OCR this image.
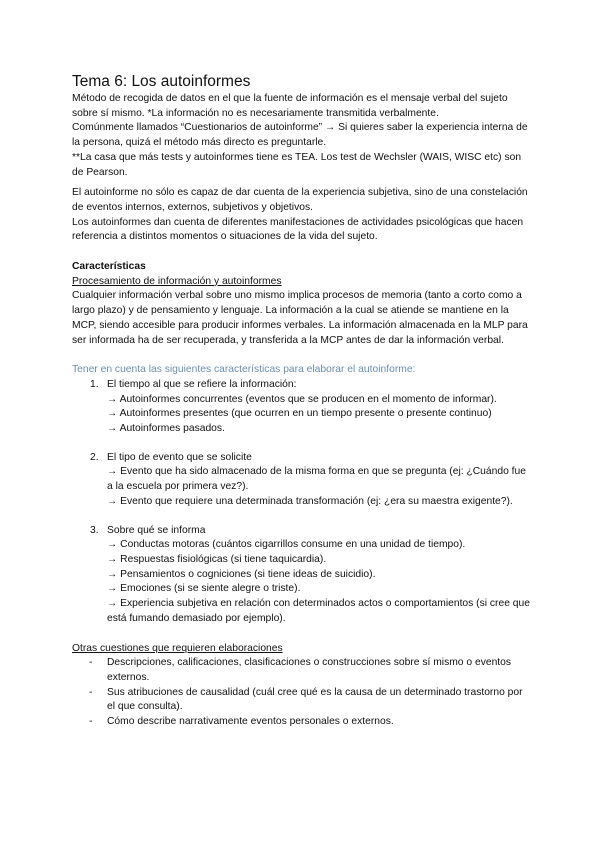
Tema 6: Los autoinformes

Método de recogida de datos en el que la fuente de información es el mensaje verbal del sujeto sobre sí mismo. *La información no es necesariamente transmitida verbalmente.

Comúnmente llamados “Cuestionarios de autoinforme” → Si quieres saber la experiencia interna de la persona, quizá el método más directo es preguntarle.

**La casa que más tests y autoinformes tiene es TEA. Los test de Wechsler (WAIS, WISC etc) son de Pearson.

El autoinforme no sólo es capaz de dar cuenta de la experiencia subjetiva, sino de una constelación de eventos internos, externos, subjetivos y objetivos.

Los autoinformes dan cuenta de diferentes manifestaciones de actividades psicológicas que hacen referencia a distintos momentos o situaciones de la vida del sujeto.

Características

Procesamiento de información y autoinformes

Cualquier información verbal sobre uno mismo implica procesos de memoria (tanto a corto como a largo plazo) y de pensamiento y lenguaje. La información a la cual se atiende se mantiene en la MCP, siendo accesible para producir informes verbales. La información almacenada en la MLP para ser informada ha de ser recuperada, y transferida a la MCP antes de dar la información verbal.

Tener en cuenta las siguientes características para elaborar el autoinforme:

1. El tiempo al que se refiere la información:
→ Autoinformes concurrentes (eventos que se producen en el momento de informar).
→ Autoinformes presentes (que ocurren en un tiempo presente o presente continuo)
→ Autoinformes pasados.
2. El tipo de evento que se solicite
→ Evento que ha sido almacenado de la misma forma en que se pregunta (ej: ¿Cuándo fue a la escuela por primera vez?).
→ Evento que requiere una determinada transformación (ej: ¿era su maestra exigente?).
3. Sobre qué se informa
→ Conductas motoras (cuántos cigarrillos consume en una unidad de tiempo).
→ Respuestas fisiológicas (si tiene taquicardia).
→ Pensamientos o cogniciones (si tiene ideas de suicidio).
→ Emociones (si se siente alegre o triste).
→ Experiencia subjetiva en relación con determinados actos o comportamientos (si cree que está fumando demasiado por ejemplo).

Otras cuestiones que requieren elaboraciones

- Descripciones, calificaciones, clasificaciones o construcciones sobre sí mismo o eventos externos.
- Sus atribuciones de causalidad (cuál cree qué es la causa de un determinado trastorno por el que consulta).
- Cómo describe narrativamente eventos personales o externos.
